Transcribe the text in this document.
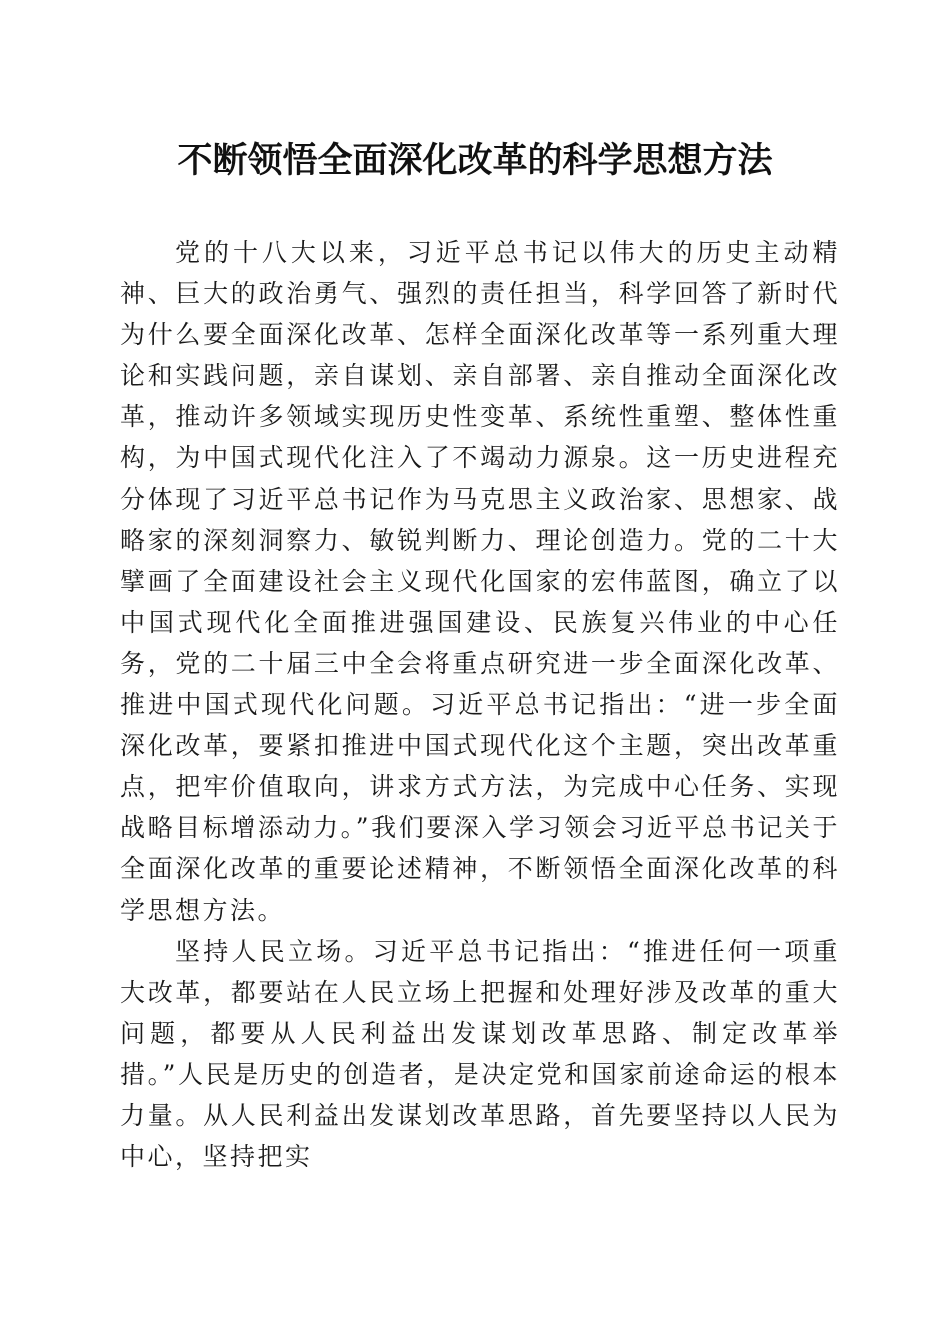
不断领悟全面深化改革的科学思想方法

党的十八大以来，习近平总书记以伟大的历史主动精神、巨大的政治勇气、强烈的责任担当，科学回答了新时代为什么要全面深化改革、怎样全面深化改革等一系列重大理论和实践问题，亲自谋划、亲自部署、亲自推动全面深化改革，推动许多领域实现历史性变革、系统性重塑、整体性重构，为中国式现代化注入了不竭动力源泉。这一历史进程充分体现了习近平总书记作为马克思主义政治家、思想家、战略家的深刻洞察力、敏锐判断力、理论创造力。党的二十大擘画了全面建设社会主义现代化国家的宏伟蓝图，确立了以中国式现代化全面推进强国建设、民族复兴伟业的中心任务，党的二十届三中全会将重点研究进一步全面深化改革、推进中国式现代化问题。习近平总书记指出：“进一步全面深化改革，要紧扣推进中国式现代化这个主题，突出改革重点，把牢价值取向，讲求方式方法，为完成中心任务、实现战略目标增添动力。”我们要深入学习领会习近平总书记关于全面深化改革的重要论述精神，不断领悟全面深化改革的科学思想方法。

坚持人民立场。习近平总书记指出：“推进任何一项重大改革，都要站在人民立场上把握和处理好涉及改革的重大问题，都要从人民利益出发谋划改革思路、制定改革举措。”人民是历史的创造者，是决定党和国家前途命运的根本力量。从人民利益出发谋划改革思路，首先要坚持以人民为中心，坚持把实
